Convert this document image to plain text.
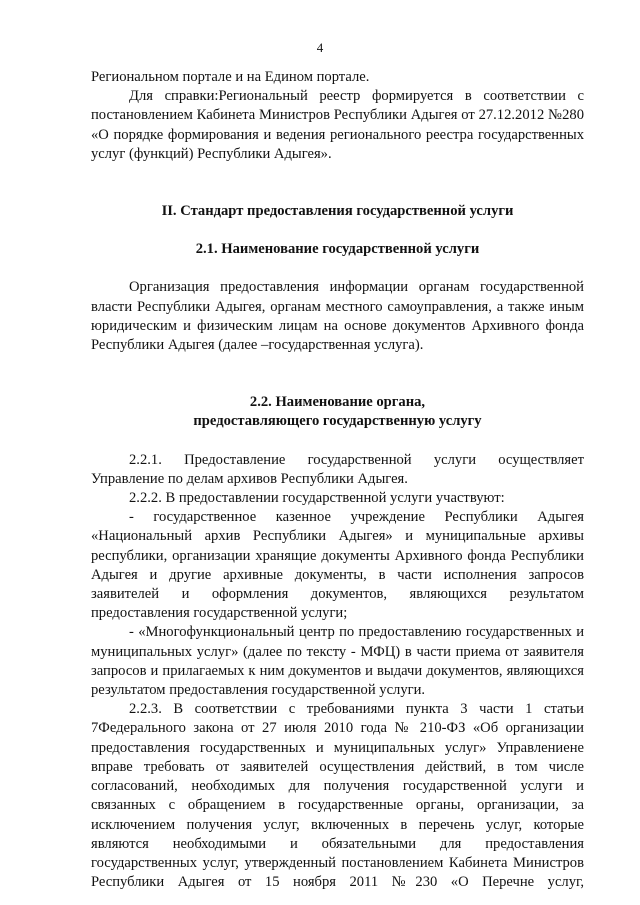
4

Региональном портале и на Едином портале.

Для справки:Региональный реестр формируется в соответствии с постановлением Кабинета Министров Республики Адыгея от 27.12.2012 №280 «О порядке формирования и ведения регионального реестра государственных услуг (функций) Республики Адыгея».

II. Стандарт предоставления государственной услуги
2.1. Наименование государственной услуги

Организация предоставления информации органам государственной власти Республики Адыгея, органам местного самоуправления, а также иным юридическим и физическим лицам на основе документов Архивного фонда Республики Адыгея (далее –государственная услуга).

2.2. Наименование органа,
предоставляющего государственную услугу

2.2.1. Предоставление государственной услуги осуществляет Управление по делам архивов Республики Адыгея.

2.2.2. В предоставлении государственной услуги участвуют:

- государственное казенное учреждение Республики Адыгея «Национальный архив Республики Адыгея» и муниципальные архивы республики, организации хранящие документы Архивного фонда Республики Адыгея и другие архивные документы, в части исполнения запросов заявителей и оформления документов, являющихся результатом предоставления государственной услуги;

- «Многофункциональный центр по предоставлению государственных и муниципальных услуг» (далее по тексту - МФЦ) в части приема от заявителя запросов и прилагаемых к ним документов и выдачи документов, являющихся результатом предоставления государственной услуги.

2.2.3. В соответствии с требованиями пункта 3 части 1 статьи 7Федерального закона от 27 июля 2010 года № 210-ФЗ «Об организации предоставления государственных и муниципальных услуг» Управлениене вправе требовать от заявителей осуществления действий, в том числе согласований, необходимых для получения государственной услуги и связанных с обращением в государственные органы, организации, за исключением получения услуг, включенных в перечень услуг, которые являются необходимыми и обязательными для предоставления государственных услуг, утвержденный постановлением Кабинета Министров Республики Адыгея от 15 ноября 2011 №230 «О Перечне услуг,
